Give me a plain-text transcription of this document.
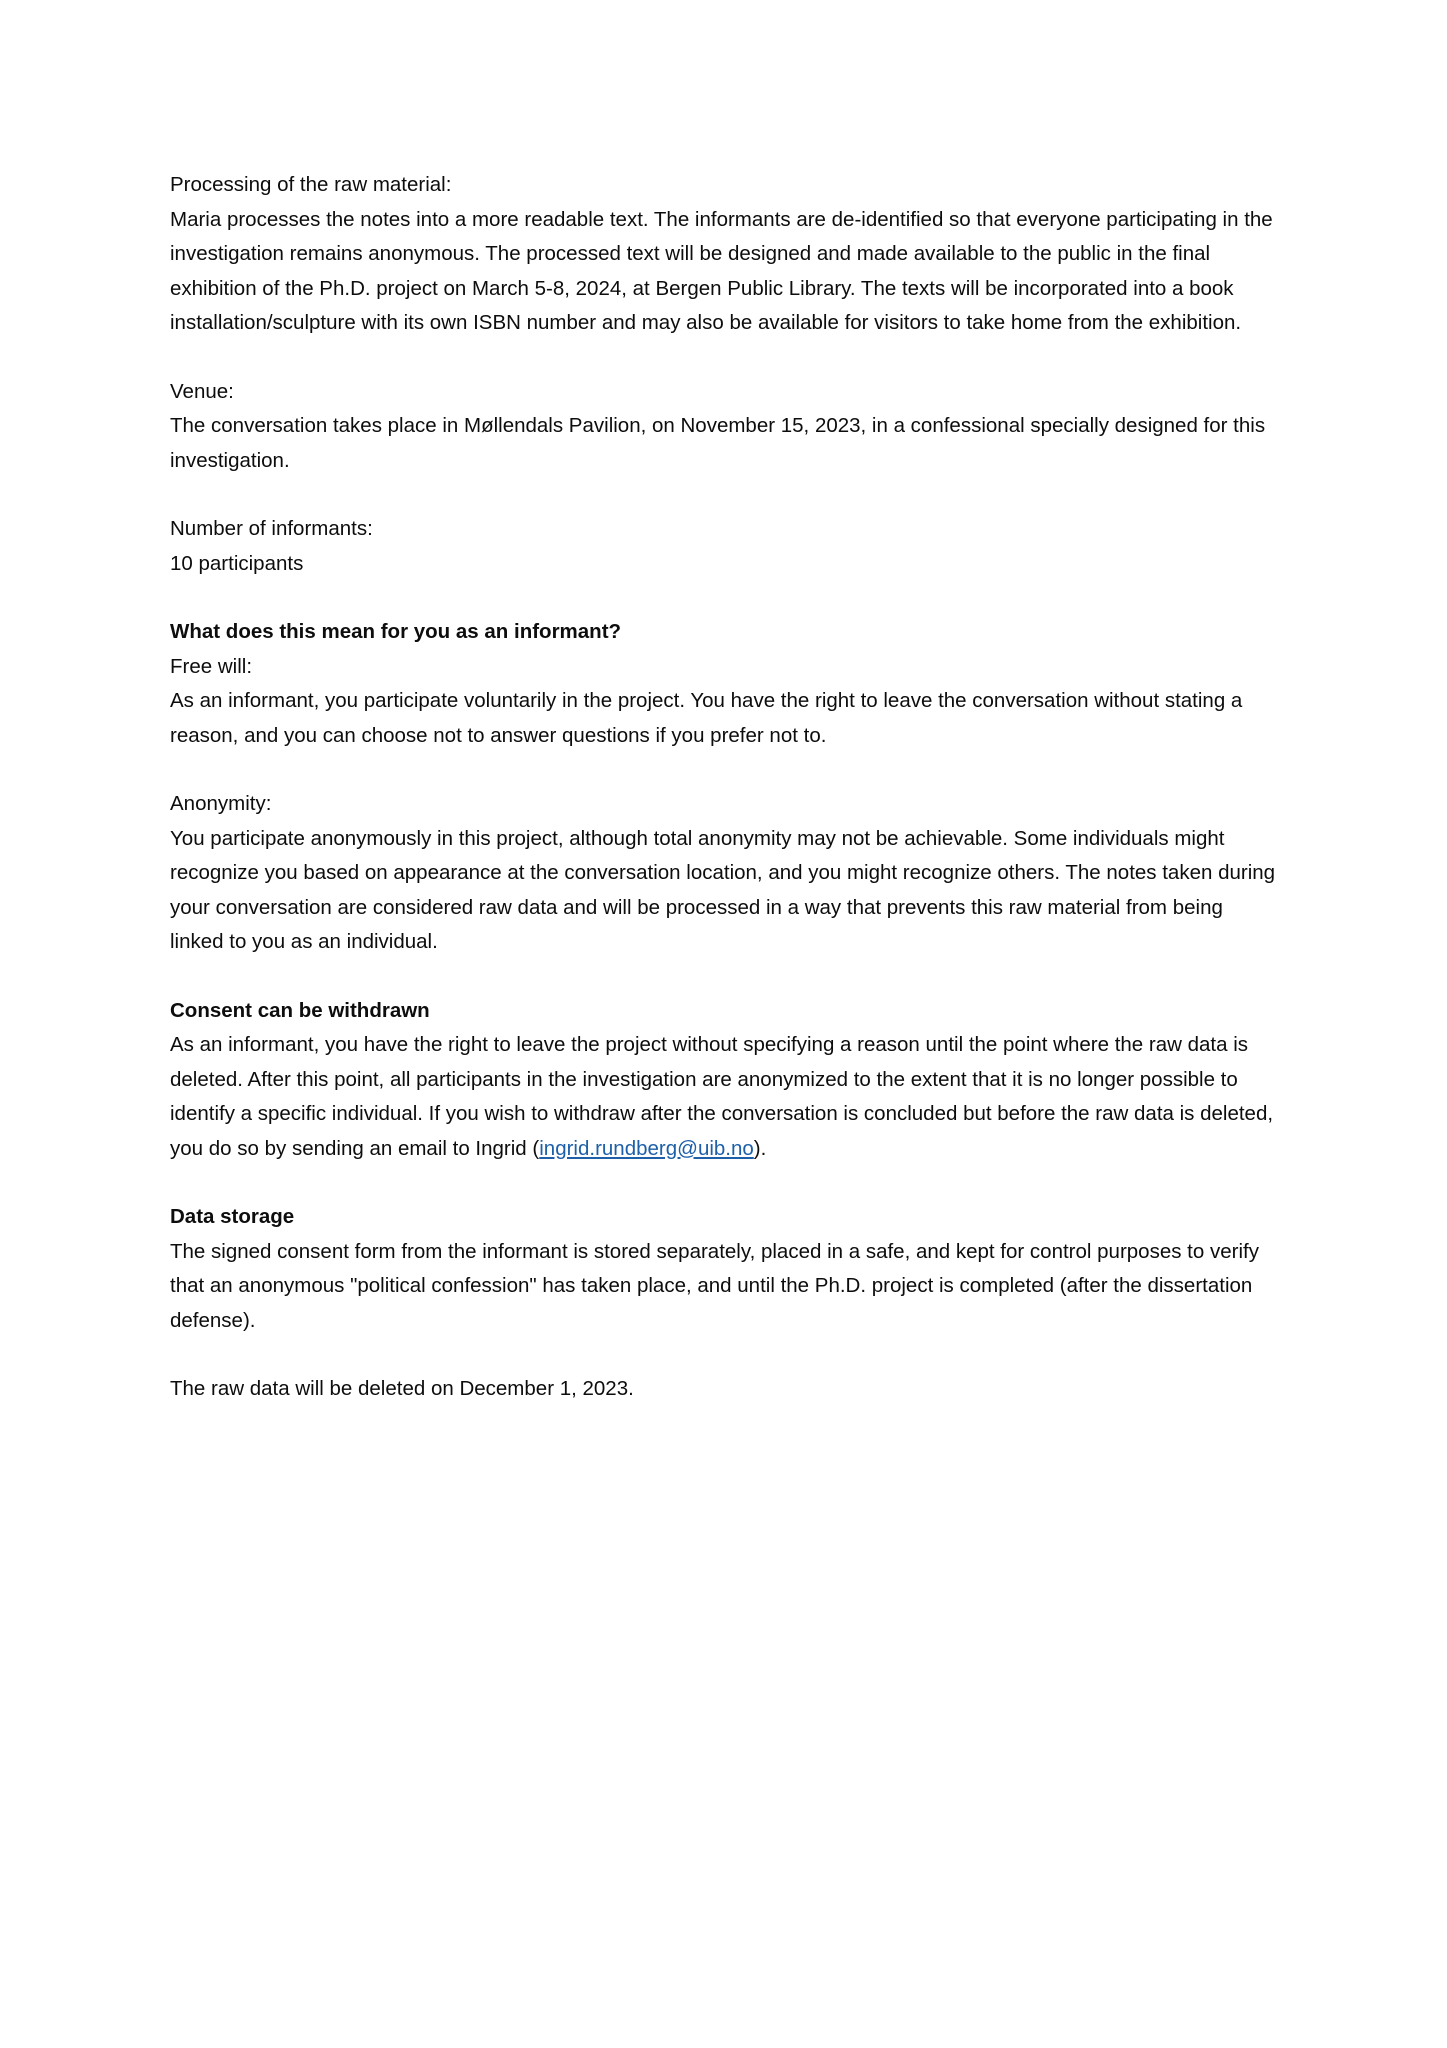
Processing of the raw material:
Maria processes the notes into a more readable text. The informants are de-identified so that everyone participating in the investigation remains anonymous. The processed text will be designed and made available to the public in the final exhibition of the Ph.D. project on March 5-8, 2024, at Bergen Public Library. The texts will be incorporated into a book installation/sculpture with its own ISBN number and may also be available for visitors to take home from the exhibition.
Venue:
The conversation takes place in Møllendals Pavilion, on November 15, 2023, in a confessional specially designed for this investigation.
Number of informants:
10 participants
What does this mean for you as an informant?
Free will:
As an informant, you participate voluntarily in the project. You have the right to leave the conversation without stating a reason, and you can choose not to answer questions if you prefer not to.
Anonymity:
You participate anonymously in this project, although total anonymity may not be achievable. Some individuals might recognize you based on appearance at the conversation location, and you might recognize others. The notes taken during your conversation are considered raw data and will be processed in a way that prevents this raw material from being linked to you as an individual.
Consent can be withdrawn
As an informant, you have the right to leave the project without specifying a reason until the point where the raw data is deleted. After this point, all participants in the investigation are anonymized to the extent that it is no longer possible to identify a specific individual. If you wish to withdraw after the conversation is concluded but before the raw data is deleted, you do so by sending an email to Ingrid (ingrid.rundberg@uib.no).
Data storage
The signed consent form from the informant is stored separately, placed in a safe, and kept for control purposes to verify that an anonymous "political confession" has taken place, and until the Ph.D. project is completed (after the dissertation defense).
The raw data will be deleted on December 1, 2023.
